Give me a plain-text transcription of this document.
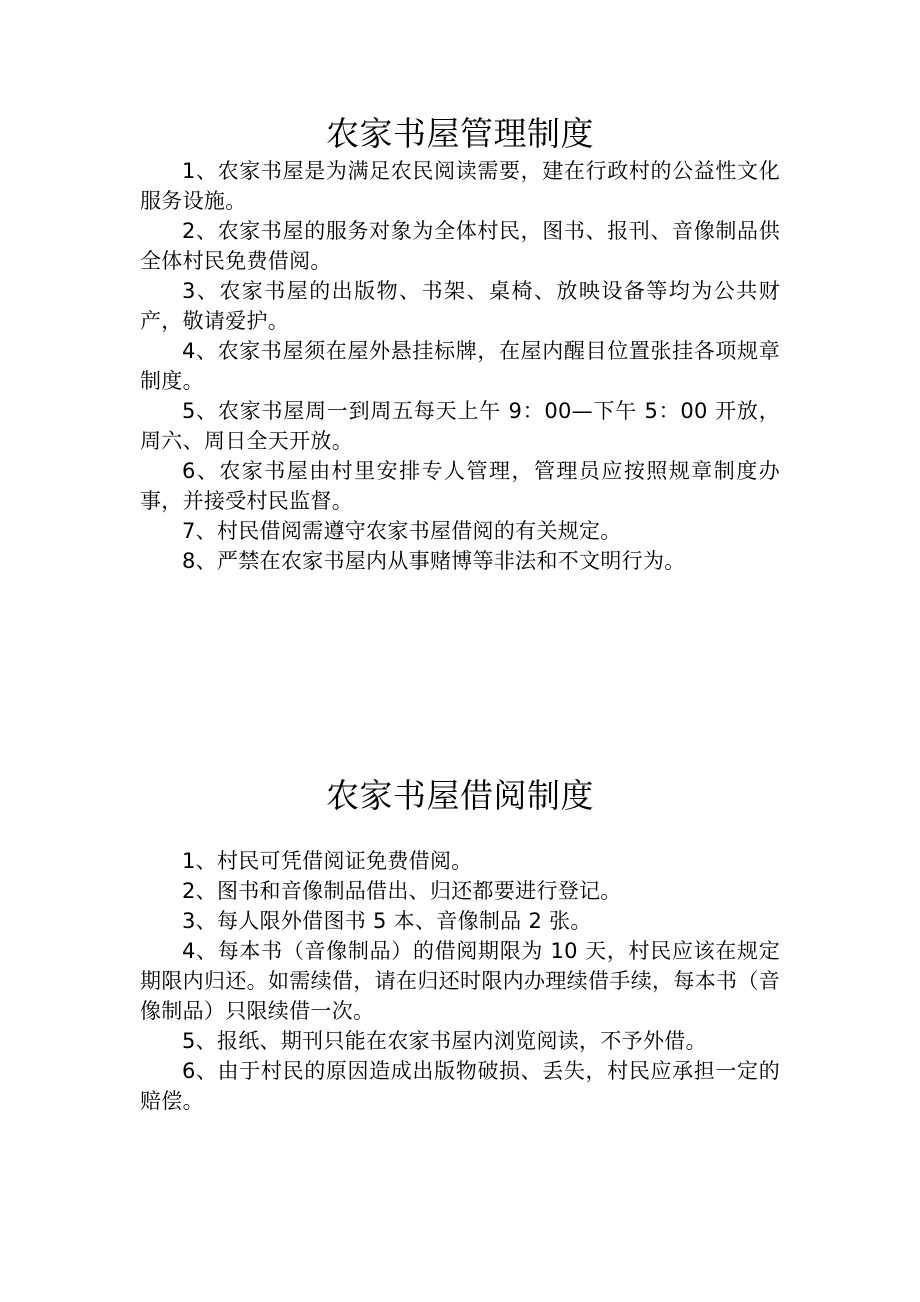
农家书屋管理制度

1、农家书屋是为满足农民阅读需要，建在行政村的公益性文化服务设施。

2、农家书屋的服务对象为全体村民，图书、报刊、音像制品供全体村民免费借阅。

3、农家书屋的出版物、书架、桌椅、放映设备等均为公共财产，敬请爱护。

4、农家书屋须在屋外悬挂标牌，在屋内醒目位置张挂各项规章制度。

5、农家书屋周一到周五每天上午 9：00—下午 5：00 开放，周六、周日全天开放。

6、农家书屋由村里安排专人管理，管理员应按照规章制度办事，并接受村民监督。

7、村民借阅需遵守农家书屋借阅的有关规定。

8、严禁在农家书屋内从事赌博等非法和不文明行为。

农家书屋借阅制度

1、村民可凭借阅证免费借阅。

2、图书和音像制品借出、归还都要进行登记。

3、每人限外借图书 5 本、音像制品 2 张。

4、每本书（音像制品）的借阅期限为 10 天，村民应该在规定期限内归还。如需续借，请在归还时限内办理续借手续，每本书（音像制品）只限续借一次。

5、报纸、期刊只能在农家书屋内浏览阅读，不予外借。

6、由于村民的原因造成出版物破损、丢失，村民应承担一定的赔偿。
